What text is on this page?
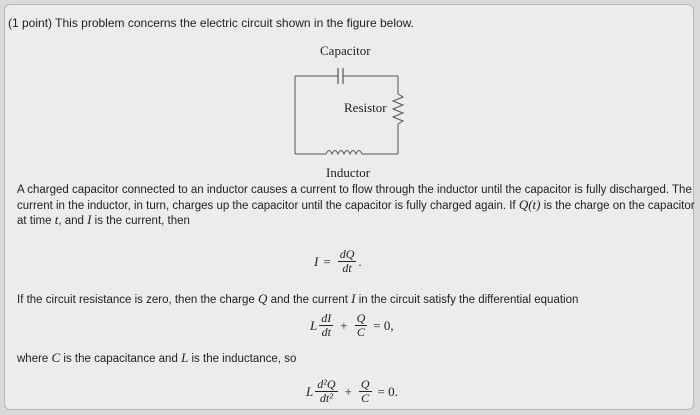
(1 point) This problem concerns the electric circuit shown in the figure below.
Capacitor
Resistor
Inductor
A charged capacitor connected to an inductor causes a current to flow through the inductor until the capacitor is fully discharged. The
current in the inductor, in turn, charges up the capacitor until the capacitor is fully charged again. If Q(t) is the charge on the capacitor
at time t, and I is the current, then
$I = \frac{dQ}{dt}$ .
If the circuit resistance is zero, then the charge Q and the current I in the circuit satisfy the differential equation
L $\frac{dI}{dt} + \frac{Q}{C} = 0$,
where C is the capacitance and L is the inductance, so
L $\frac{\text{d²Q}}{\text{dt²}} + \frac{Q}{C} = 0$.
